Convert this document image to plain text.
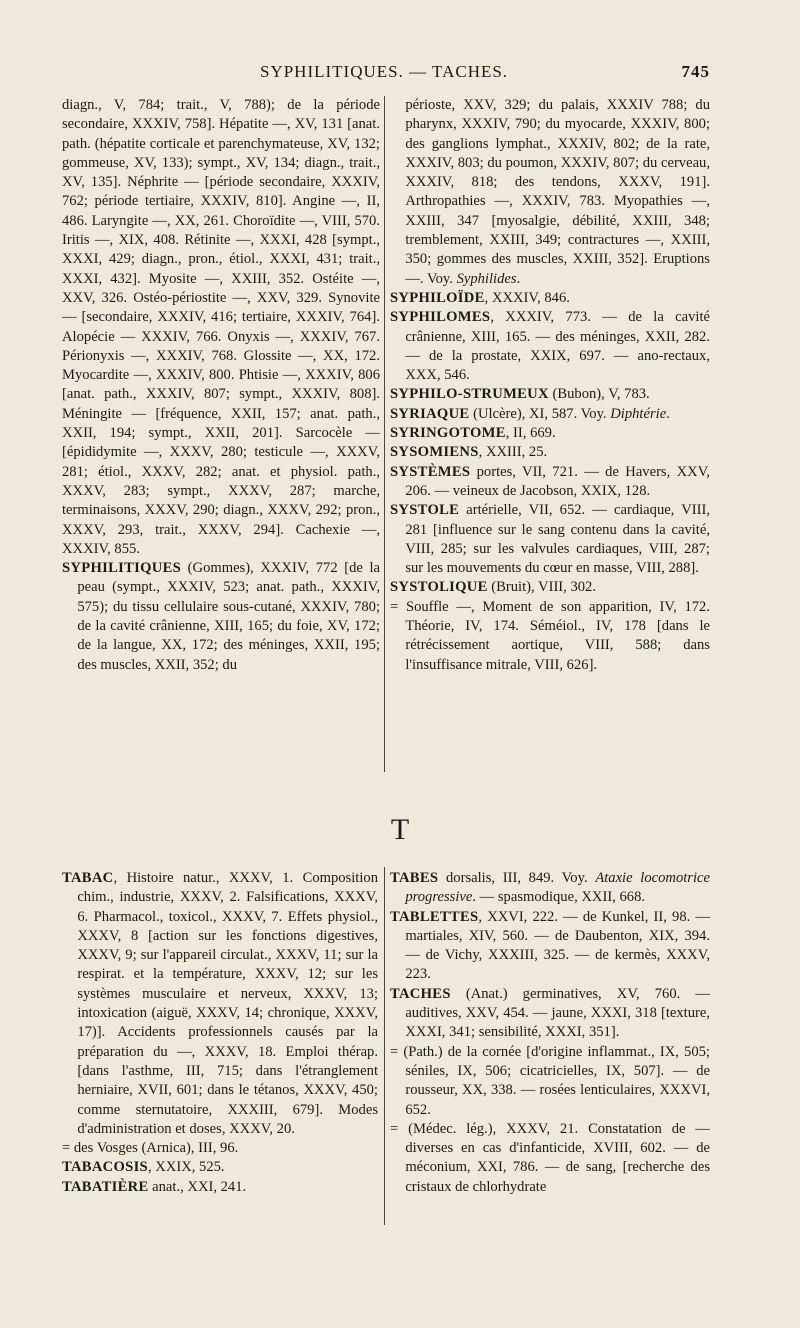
SYPHILITIQUES. — TACHES.	745

diagn., V, 784; trait., V, 788); de la période secondaire, XXXIV, 758]. Hépatite —, XV, 131 [anat. path. (hépatite corticale et parenchymateuse, XV, 132; gommeuse, XV, 133); sympt., XV, 134; diagn., trait., XV, 135]. Néphrite — [période secondaire, XXXIV, 762; période tertiaire, XXXIV, 810]. Angine —, II, 486. Laryngite —, XX, 261. Choroïdite —, VIII, 570. Iritis —, XIX, 408. Rétinite —, XXXI, 428 [sympt., XXXI, 429; diagn., pron., étiol., XXXI, 431; trait., XXXI, 432]. Myosite —, XXIII, 352. Ostéite —, XXV, 326. Ostéo-périostite —, XXV, 329. Synovite — [secondaire, XXXIV, 416; tertiaire, XXXIV, 764]. Alopécie — XXXIV, 766. Onyxis —, XXXIV, 767. Périonyxis —, XXXIV, 768. Glossite —, XX, 172. Myocardite —, XXXIV, 800. Phtisie —, XXXIV, 806 [anat. path., XXXIV, 807; sympt., XXXIV, 808]. Méningite — [fréquence, XXII, 157; anat. path., XXII, 194; sympt., XXII, 201]. Sarcocèle — [épididymite —, XXXV, 280; testicule —, XXXV, 281; étiol., XXXV, 282; anat. et physiol. path., XXXV, 283; sympt., XXXV, 287; marche, terminaisons, XXXV, 290; diagn., XXXV, 292; pron., XXXV, 293, trait., XXXV, 294]. Cachexie —, XXXIV, 855.

SYPHILITIQUES (Gommes), XXXIV, 772 [de la peau (sympt., XXXIV, 523; anat. path., XXXIV, 575); du tissu cellulaire sous-cutané, XXXIV, 780; de la cavité crânienne, XIII, 165; du foie, XV, 172; de la langue, XX, 172; des méninges, XXII, 195; des muscles, XXII, 352; du

périoste, XXV, 329; du palais, XXXIV 788; du pharynx, XXXIV, 790; du myocarde, XXXIV, 800; des ganglions lymphat., XXXIV, 802; de la rate, XXXIV, 803; du poumon, XXXIV, 807; du cerveau, XXXIV, 818; des tendons, XXXV, 191]. Arthropathies —, XXXIV, 783. Myopathies —, XXIII, 347 [myosalgie, débilité, XXIII, 348; tremblement, XXIII, 349; contractures —, XXIII, 350; gommes des muscles, XXIII, 352]. Eruptions —. Voy. Syphilides.

SYPHILOÏDE, XXXIV, 846.

SYPHILOMES, XXXIV, 773. — de la cavité crânienne, XIII, 165. — des méninges, XXII, 282. — de la prostate, XXIX, 697. — ano-rectaux, XXX, 546.

SYPHILO-STRUMEUX (Bubon), V, 783.

SYRIAQUE (Ulcère), XI, 587. Voy. Diphtérie.

SYRINGOTOME, II, 669.

SYSOMIENS, XXIII, 25.

SYSTÈMES portes, VII, 721. — de Havers, XXV, 206. — veineux de Jacobson, XXIX, 128.

SYSTOLE artérielle, VII, 652. — cardiaque, VIII, 281 [influence sur le sang contenu dans la cavité, VIII, 285; sur les valvules cardiaques, VIII, 287; sur les mouvements du cœur en masse, VIII, 288].

SYSTOLIQUE (Bruit), VIII, 302.

= Souffle —, Moment de son apparition, IV, 172. Théorie, IV, 174. Séméiol., IV, 178 [dans le rétrécissement aortique, VIII, 588; dans l'insuffisance mitrale, VIII, 626].

T

TABAC, Histoire natur., XXXV, 1. Composition chim., industrie, XXXV, 2. Falsifications, XXXV, 6. Pharmacol., toxicol., XXXV, 7. Effets physiol., XXXV, 8 [action sur les fonctions digestives, XXXV, 9; sur l'appareil circulat., XXXV, 11; sur la respirat. et la température, XXXV, 12; sur les systèmes musculaire et nerveux, XXXV, 13; intoxication (aiguë, XXXV, 14; chronique, XXXV, 17)]. Accidents professionnels causés par la préparation du —, XXXV, 18. Emploi thérap. [dans l'asthme, III, 715; dans l'étranglement herniaire, XVII, 601; dans le tétanos, XXXV, 450; comme sternutatoire, XXXIII, 679]. Modes d'administration et doses, XXXV, 20.

= des Vosges (Arnica), III, 96.

TABACOSIS, XXIX, 525.

TABATIÈRE anat., XXI, 241.

TABES dorsalis, III, 849. Voy. Ataxie locomotrice progressive. — spasmodique, XXII, 668.

TABLETTES, XXVI, 222. — de Kunkel, II, 98. — martiales, XIV, 560. — de Daubenton, XIX, 394. — de Vichy, XXXIII, 325. — de kermès, XXXV, 223.

TACHES (Anat.) germinatives, XV, 760. — auditives, XXV, 454. — jaune, XXXI, 318 [texture, XXXI, 341; sensibilité, XXXI, 351].

= (Path.) de la cornée [d'origine inflammat., IX, 505; séniles, IX, 506; cicatricielles, IX, 507]. — de rousseur, XX, 338. — rosées lenticulaires, XXXVI, 652.

= (Médec. lég.), XXXV, 21. Constatation de — diverses en cas d'infanticide, XVIII, 602. — de méconium, XXI, 786. — de sang, [recherche des cristaux de chlorhydrate
